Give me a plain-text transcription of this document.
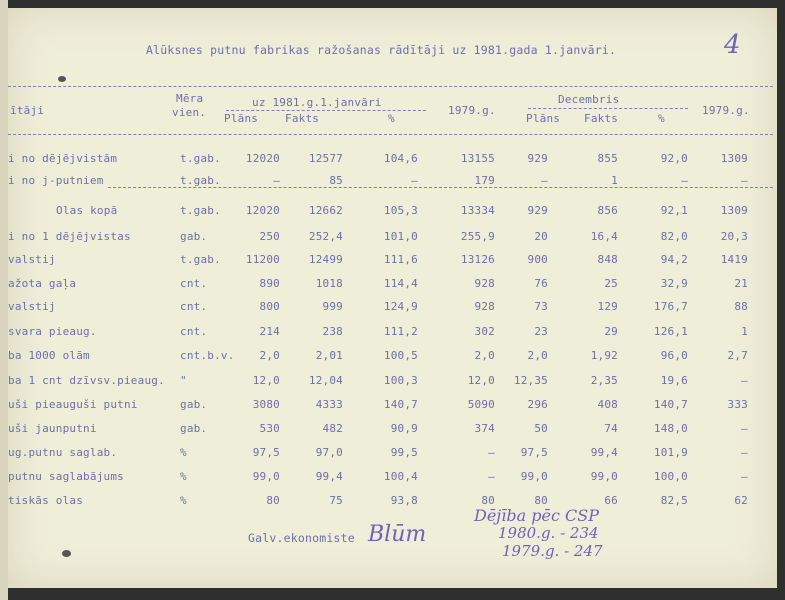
Alūksnes putnu fabrikas ražošanas rādītāji uz 1981.gada 1.janvāri.	4
ītāji
Mēra
vien.
uz 1981.g.1.janvāri
Plāns Fakts	%
1979.g.
Decembris
Plāns Fakts	%
1979.g.
i no dējējvistām	t.gab.	12020	12577	104,6	13155	929	855	92,0	1309
i no j-putniem	t.gab.	–	85	–	179	–	1	–	–
Olas kopā	t.gab.	12020	12662	105,3	13334	929	856	92,1	1309
i no 1 dējējvistas	gab.	250	252,4	101,0	255,9	20	16,4	82,0	20,3
valstij	t.gab.	11200	12499	111,6	13126	900	848	94,2	1419
ažota gaļa	cnt.	890	1018	114,4	928	76	25	32,9	21
valstij	cnt.	800	999	124,9	928	73	129	176,7	88
svara pieaug.	cnt.	214	238	111,2	302	23	29	126,1	1
ba 1000 olām	cnt.b.v.	2,0	2,01	100,5	2,0	2,0	1,92	96,0	2,7
ba 1 cnt dzīvsv.pieaug.	"	12,0	12,04	100,3	12,0	12,35	2,35	19,6	–
uši pieauguši putni	gab.	3080	4333	140,7	5090	296	408	140,7	333
uši jaunputni	gab.	530	482	90,9	374	50	74	148,0	–
ug.putnu saglab.	%	97,5	97,0	99,5	–	97,5	99,4	101,9	–
putnu saglabājums	%	99,0	99,4	100,4	–	99,0	99,0	100,0	–
tiskās olas	%	80	75	93,8	80	80	66	82,5	62
Galv.ekonomiste Blūm
Dējība pēc CSP
1980.g. - 234
1979.g. - 247
